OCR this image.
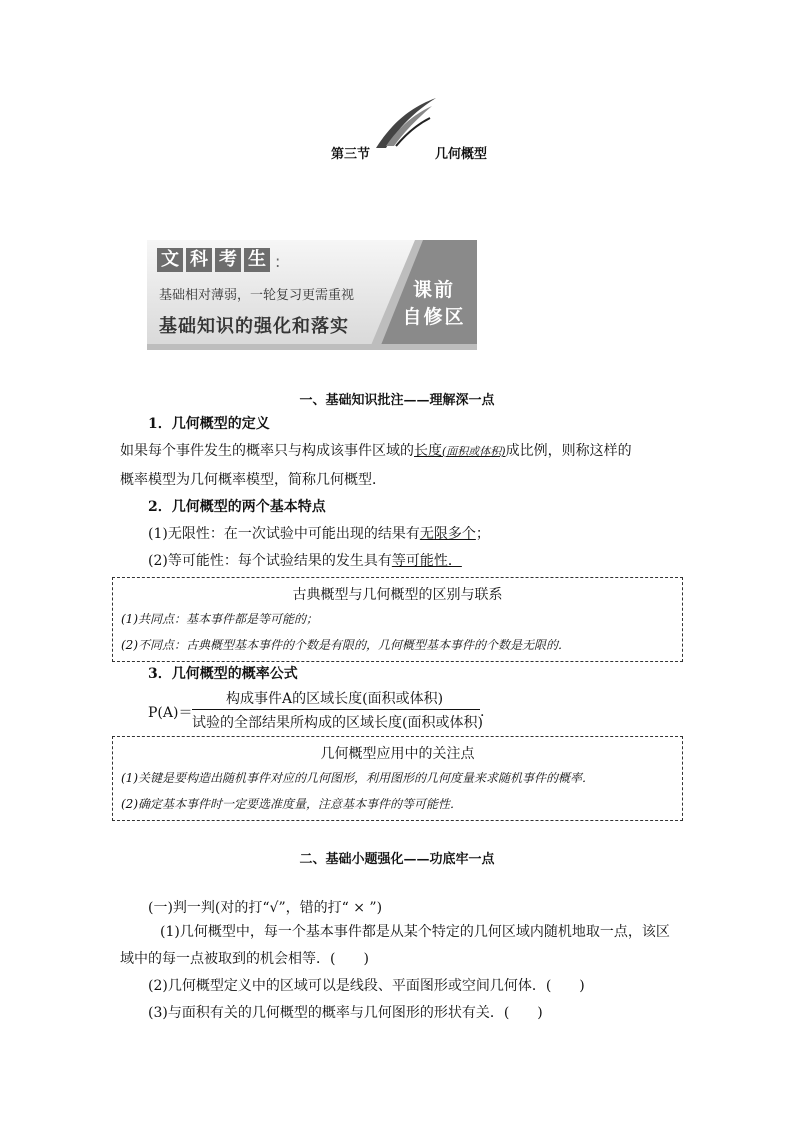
第三节	几何概型
文 科 考 生 :
基础相对薄弱，一轮复习更需重视
基础知识的强化和落实
课前
自修区
一、基础知识批注——理解深一点
1．几何概型的定义
如果每个事件发生的概率只与构成该事件区域的长度(面积或体积)成比例，则称这样的
概率模型为几何概率模型，简称几何概型．
2．几何概型的两个基本特点
(1)无限性：在一次试验中可能出现的结果有无限多个；
(2)等可能性：每个试验结果的发生具有等可能性．
古典概型与几何概型的区别与联系
(1)共同点：基本事件都是等可能的；
(2)不同点：古典概型基本事件的个数是有限的，几何概型基本事件的个数是无限的．
3．几何概型的概率公式
P(A)＝
构成事件A的区域长度(面积或体积)
试验的全部结果所构成的区域长度(面积或体积)
.
几何概型应用中的关注点
(1)关键是要构造出随机事件对应的几何图形，利用图形的几何度量来求随机事件的概率．
(2)确定基本事件时一定要选准度量，注意基本事件的等可能性．
二、基础小题强化——功底牢一点
(一)判一判(对的打“√”，错的打“ × ”)
(1)几何概型中，每一个基本事件都是从某个特定的几何区域内随机地取一点，该区
域中的每一点被取到的机会相等．(　　)
(2)几何概型定义中的区域可以是线段、平面图形或空间几何体．(　　)
(3)与面积有关的几何概型的概率与几何图形的形状有关．(　　)
